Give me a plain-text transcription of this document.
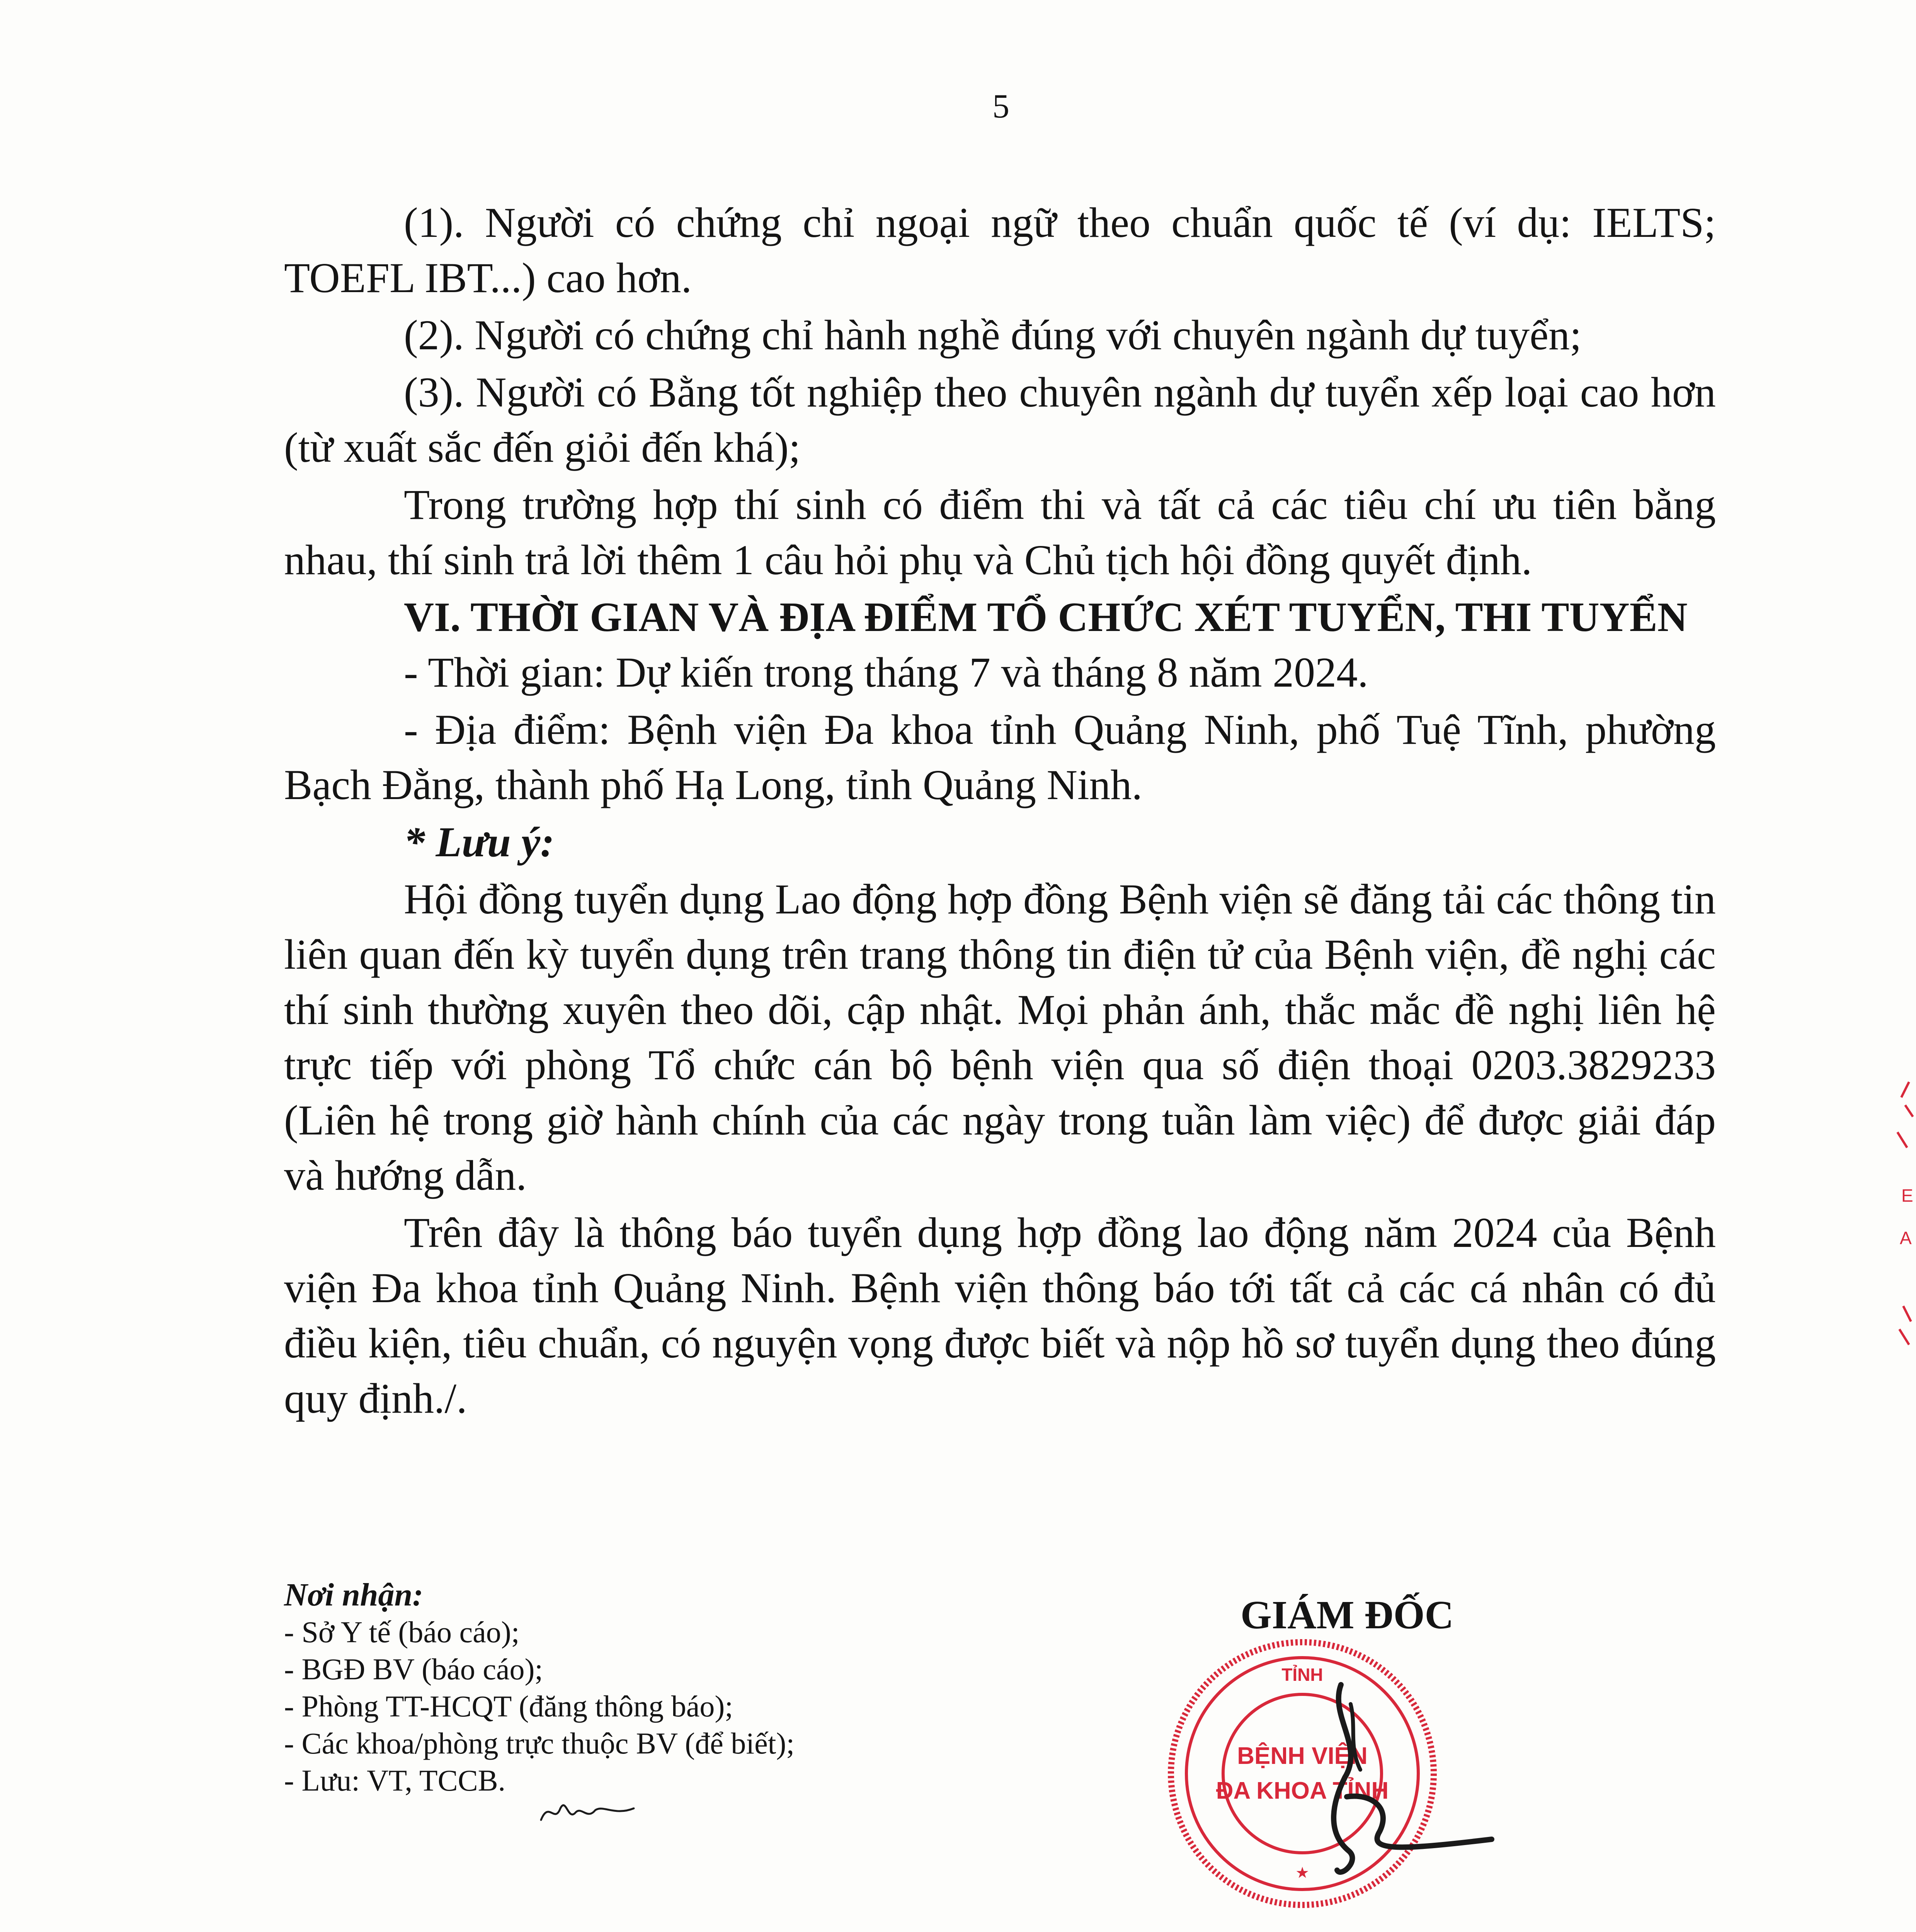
5

(1). Người có chứng chỉ ngoại ngữ theo chuẩn quốc tế (ví dụ: IELTS; TOEFL IBT...) cao hơn.

(2). Người có chứng chỉ hành nghề đúng với chuyên ngành dự tuyển;

(3). Người có Bằng tốt nghiệp theo chuyên ngành dự tuyển xếp loại cao hơn (từ xuất sắc đến giỏi đến khá);

Trong trường hợp thí sinh có điểm thi và tất cả các tiêu chí ưu tiên bằng nhau, thí sinh trả lời thêm 1 câu hỏi phụ và Chủ tịch hội đồng quyết định.

VI. THỜI GIAN VÀ ĐỊA ĐIỂM TỔ CHỨC XÉT TUYỂN, THI TUYỂN

- Thời gian: Dự kiến trong tháng 7 và tháng 8 năm 2024.

- Địa điểm: Bệnh viện Đa khoa tỉnh Quảng Ninh, phố Tuệ Tĩnh, phường Bạch Đằng, thành phố Hạ Long, tỉnh Quảng Ninh.

* Lưu ý:

Hội đồng tuyển dụng Lao động hợp đồng Bệnh viện sẽ đăng tải các thông tin liên quan đến kỳ tuyển dụng trên trang thông tin điện tử của Bệnh viện, đề nghị các thí sinh thường xuyên theo dõi, cập nhật. Mọi phản ánh, thắc mắc đề nghị liên hệ trực tiếp với phòng Tổ chức cán bộ bệnh viện qua số điện thoại 0203.3829233 (Liên hệ trong giờ hành chính của các ngày trong tuần làm việc) để được giải đáp và hướng dẫn.

Trên đây là thông báo tuyển dụng hợp đồng lao động năm 2024 của Bệnh viện Đa khoa tỉnh Quảng Ninh. Bệnh viện thông báo tới tất cả các cá nhân có đủ điều kiện, tiêu chuẩn, có nguyện vọng được biết và nộp hồ sơ tuyển dụng theo đúng quy định./.

Nơi nhận:
- Sở Y tế (báo cáo);
- BGĐ BV (báo cáo);
- Phòng TT-HCQT (đăng thông báo);
- Các khoa/phòng trực thuộc BV (để biết);
- Lưu: VT, TCCB.
GIÁM ĐỐC
TỈNH
BỆNH VIỆN
ĐA KHOA TỈNH
★
E
A
